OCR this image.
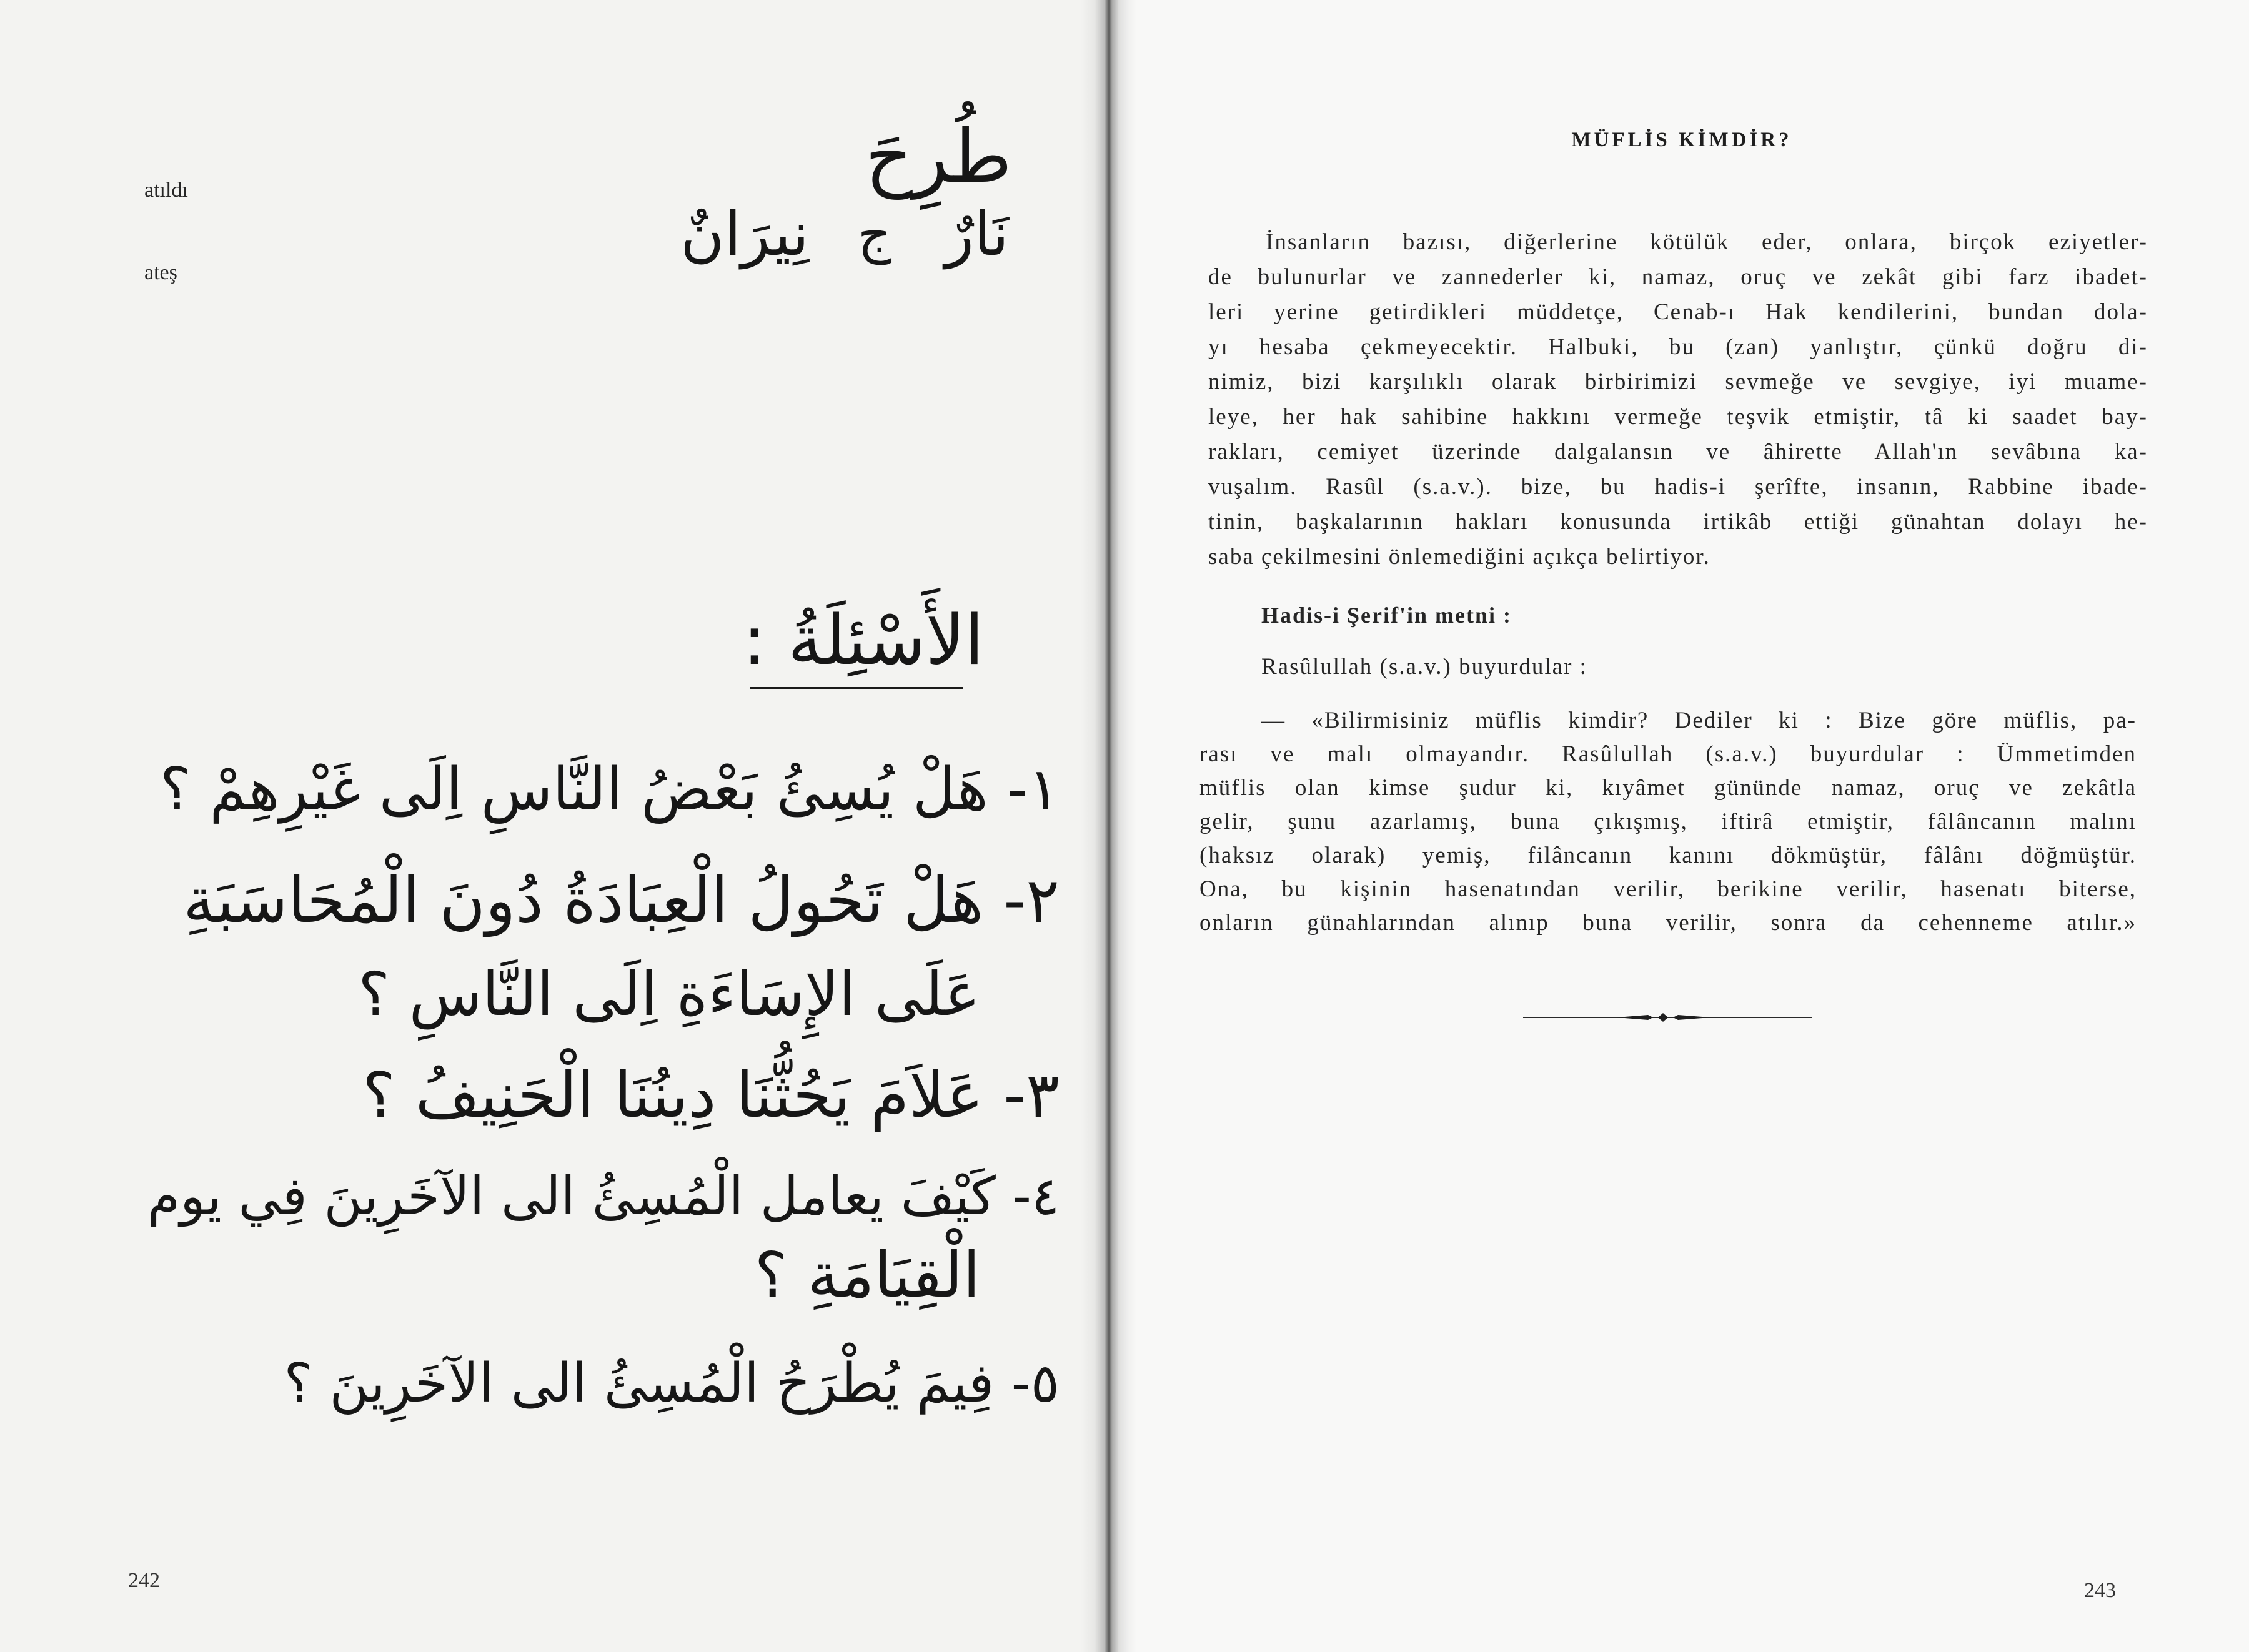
atıldı
ateş
طُرِحَ
نَارٌ
ج
نِيرَانٌ
الأَسْئِلَةُ :
١- هَلْ يُسِئُ بَعْضُ النَّاسِ اِلَى غَيْرِهِمْ ؟
٢- هَلْ تَحُولُ الْعِبَادَةُ دُونَ الْمُحَاسَبَةِ
عَلَى الإِسَاءَةِ اِلَى النَّاسِ ؟
٣- عَلاَمَ يَحُثُّنَا دِينُنَا الْحَنِيفُ ؟
٤- كَيْفَ يعامل الْمُسِئُ الى الآخَرِينَ فِي يوم
الْقِيَامَةِ ؟
٥- فِيمَ يُطْرَحُ الْمُسِئُ الى الآخَرِينَ ؟
242
MÜFLİS KİMDİR?
İnsanların bazısı, diğerlerine kötülük eder, onlara, birçok eziyetler-
de bulunurlar ve zannederler ki, namaz, oruç ve zekât gibi farz ibadet-
leri yerine getirdikleri müddetçe, Cenab-ı Hak kendilerini, bundan dola-
yı hesaba çekmeyecektir. Halbuki, bu (zan) yanlıştır, çünkü doğru di-
nimiz, bizi karşılıklı olarak birbirimizi sevmeğe ve sevgiye, iyi muame-
leye, her hak sahibine hakkını vermeğe teşvik etmiştir, tâ ki saadet bay-
rakları, cemiyet üzerinde dalgalansın ve âhirette Allah'ın sevâbına ka-
vuşalım. Rasûl (s.a.v.). bize, bu hadis-i şerîfte, insanın, Rabbine ibade-
tinin, başkalarının hakları konusunda irtikâb ettiği günahtan dolayı he-
saba çekilmesini önlemediğini açıkça belirtiyor.
Hadis-i Şerif'in metni :
Rasûlullah (s.a.v.) buyurdular :
— «Bilirmisiniz müflis kimdir? Dediler ki : Bize göre müflis, pa-
rası ve malı olmayandır. Rasûlullah (s.a.v.) buyurdular : Ümmetimden
müflis olan kimse şudur ki, kıyâmet gününde namaz, oruç ve zekâtla
gelir, şunu azarlamış, buna çıkışmış, iftirâ etmiştir, fâlâncanın malını
(haksız olarak) yemiş, filâncanın kanını dökmüştür, fâlânı döğmüştür.
Ona, bu kişinin hasenatından verilir, berikine verilir, hasenatı biterse,
onların günahlarından alınıp buna verilir, sonra da cehenneme atılır.»
243
